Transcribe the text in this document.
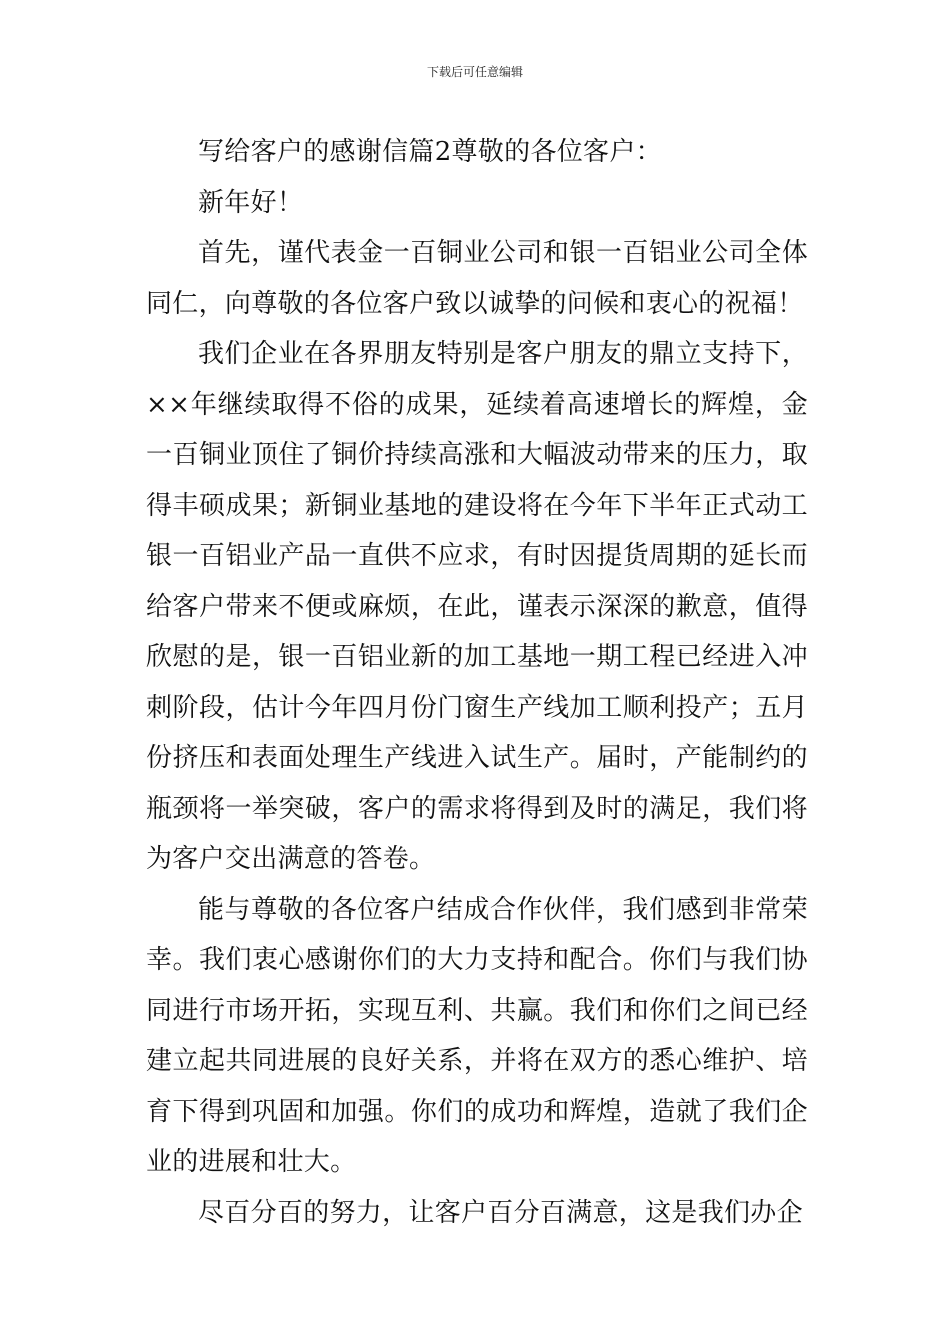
下载后可任意编辑

写给客户的感谢信篇2尊敬的各位客户：

新年好！

首先，谨代表金一百铜业公司和银一百铝业公司全体同仁，向尊敬的各位客户致以诚挚的问候和衷心的祝福！

我们企业在各界朋友特别是客户朋友的鼎立支持下，××年继续取得不俗的成果，延续着高速增长的辉煌，金一百铜业顶住了铜价持续高涨和大幅波动带来的压力，取得丰硕成果；新铜业基地的建设将在今年下半年正式动工银一百铝业产品一直供不应求，有时因提货周期的延长而给客户带来不便或麻烦，在此，谨表示深深的歉意，值得欣慰的是，银一百铝业新的加工基地一期工程已经进入冲刺阶段，估计今年四月份门窗生产线加工顺利投产；五月份挤压和表面处理生产线进入试生产。届时，产能制约的瓶颈将一举突破，客户的需求将得到及时的满足，我们将为客户交出满意的答卷。

能与尊敬的各位客户结成合作伙伴，我们感到非常荣幸。我们衷心感谢你们的大力支持和配合。你们与我们协同进行市场开拓，实现互利、共赢。我们和你们之间已经建立起共同进展的良好关系，并将在双方的悉心维护、培育下得到巩固和加强。你们的成功和辉煌，造就了我们企业的进展和壮大。

尽百分百的努力，让客户百分百满意，这是我们办企
